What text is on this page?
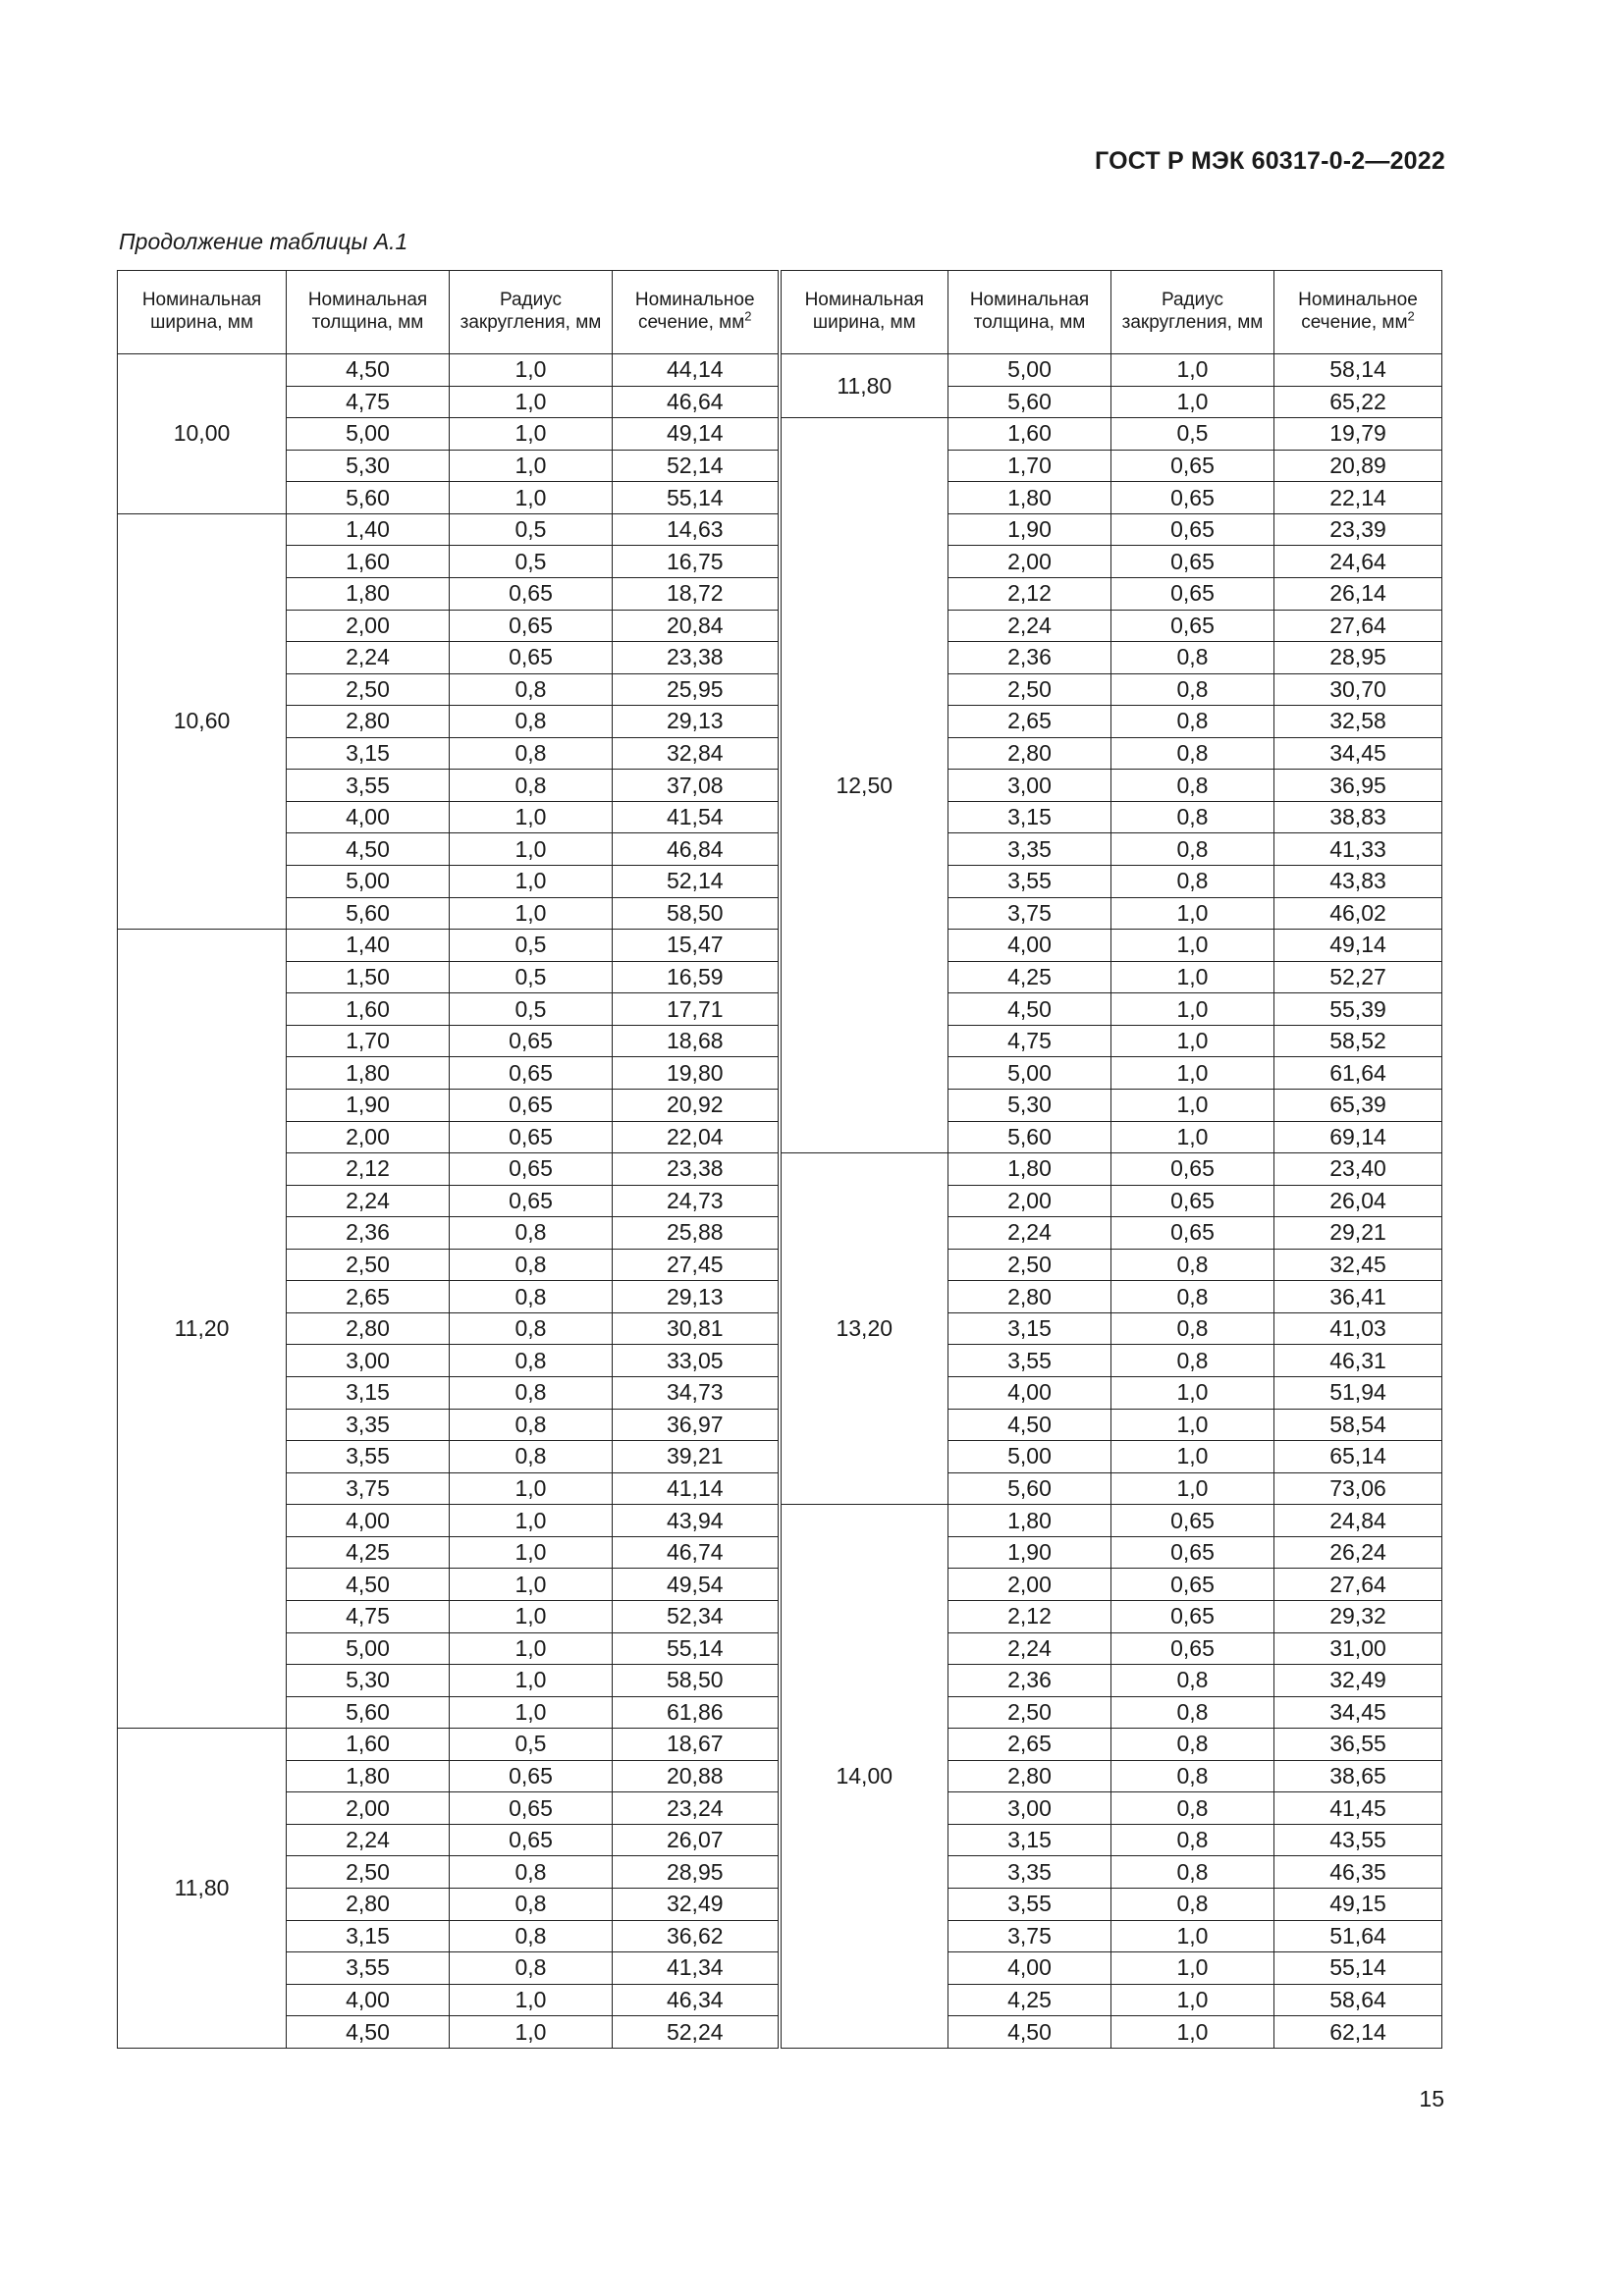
ГОСТ Р МЭК 60317-0-2—2022
Продолжение таблицы А.1
Номинальная ширина, мм	Номинальная толщина, мм	Радиус закругления, мм	Номинальное сечение, $мм^2$	Номинальная ширина, мм	Номинальная толщина, мм	Радиус закругления, мм	Номинальное сечение, $мм^2$
10,00	4,50	1,0	44,14	11,80	5,00	1,0	58,14
	4,75	1,0	46,64		5,60	1,0	65,22
	5,00	1,0	49,14	12,50	1,60	0,5	19,79
	5,30	1,0	52,14		1,70	0,65	20,89
	5,60	1,0	55,14		1,80	0,65	22,14
10,60	1,40	0,5	14,63		1,90	0,65	23,39
	1,60	0,5	16,75		2,00	0,65	24,64
	1,80	0,65	18,72		2,12	0,65	26,14
	2,00	0,65	20,84		2,24	0,65	27,64
	2,24	0,65	23,38		2,36	0,8	28,95
	2,50	0,8	25,95		2,50	0,8	30,70
	2,80	0,8	29,13		2,65	0,8	32,58
	3,15	0,8	32,84		2,80	0,8	34,45
	3,55	0,8	37,08		3,00	0,8	36,95
	4,00	1,0	41,54		3,15	0,8	38,83
	4,50	1,0	46,84		3,35	0,8	41,33
	5,00	1,0	52,14		3,55	0,8	43,83
	5,60	1,0	58,50		3,75	1,0	46,02
11,20	1,40	0,5	15,47		4,00	1,0	49,14
	1,50	0,5	16,59		4,25	1,0	52,27
	1,60	0,5	17,71		4,50	1,0	55,39
	1,70	0,65	18,68		4,75	1,0	58,52
	1,80	0,65	19,80		5,00	1,0	61,64
	1,90	0,65	20,92		5,30	1,0	65,39
	2,00	0,65	22,04		5,60	1,0	69,14
	2,12	0,65	23,38	13,20	1,80	0,65	23,40
	2,24	0,65	24,73		2,00	0,65	26,04
	2,36	0,8	25,88		2,24	0,65	29,21
	2,50	0,8	27,45		2,50	0,8	32,45
	2,65	0,8	29,13		2,80	0,8	36,41
	2,80	0,8	30,81		3,15	0,8	41,03
	3,00	0,8	33,05		3,55	0,8	46,31
	3,15	0,8	34,73		4,00	1,0	51,94
	3,35	0,8	36,97		4,50	1,0	58,54
	3,55	0,8	39,21		5,00	1,0	65,14
	3,75	1,0	41,14		5,60	1,0	73,06
	4,00	1,0	43,94	14,00	1,80	0,65	24,84
	4,25	1,0	46,74		1,90	0,65	26,24
	4,50	1,0	49,54		2,00	0,65	27,64
	4,75	1,0	52,34		2,12	0,65	29,32
	5,00	1,0	55,14		2,24	0,65	31,00
	5,30	1,0	58,50		2,36	0,8	32,49
	5,60	1,0	61,86		2,50	0,8	34,45
11,80	1,60	0,5	18,67		2,65	0,8	36,55
	1,80	0,65	20,88		2,80	0,8	38,65
	2,00	0,65	23,24		3,00	0,8	41,45
	2,24	0,65	26,07		3,15	0,8	43,55
	2,50	0,8	28,95		3,35	0,8	46,35
	2,80	0,8	32,49		3,55	0,8	49,15
	3,15	0,8	36,62		3,75	1,0	51,64
	3,55	0,8	41,34		4,00	1,0	55,14
	4,00	1,0	46,34		4,25	1,0	58,64
	4,50	1,0	52,24		4,50	1,0	62,14
15
